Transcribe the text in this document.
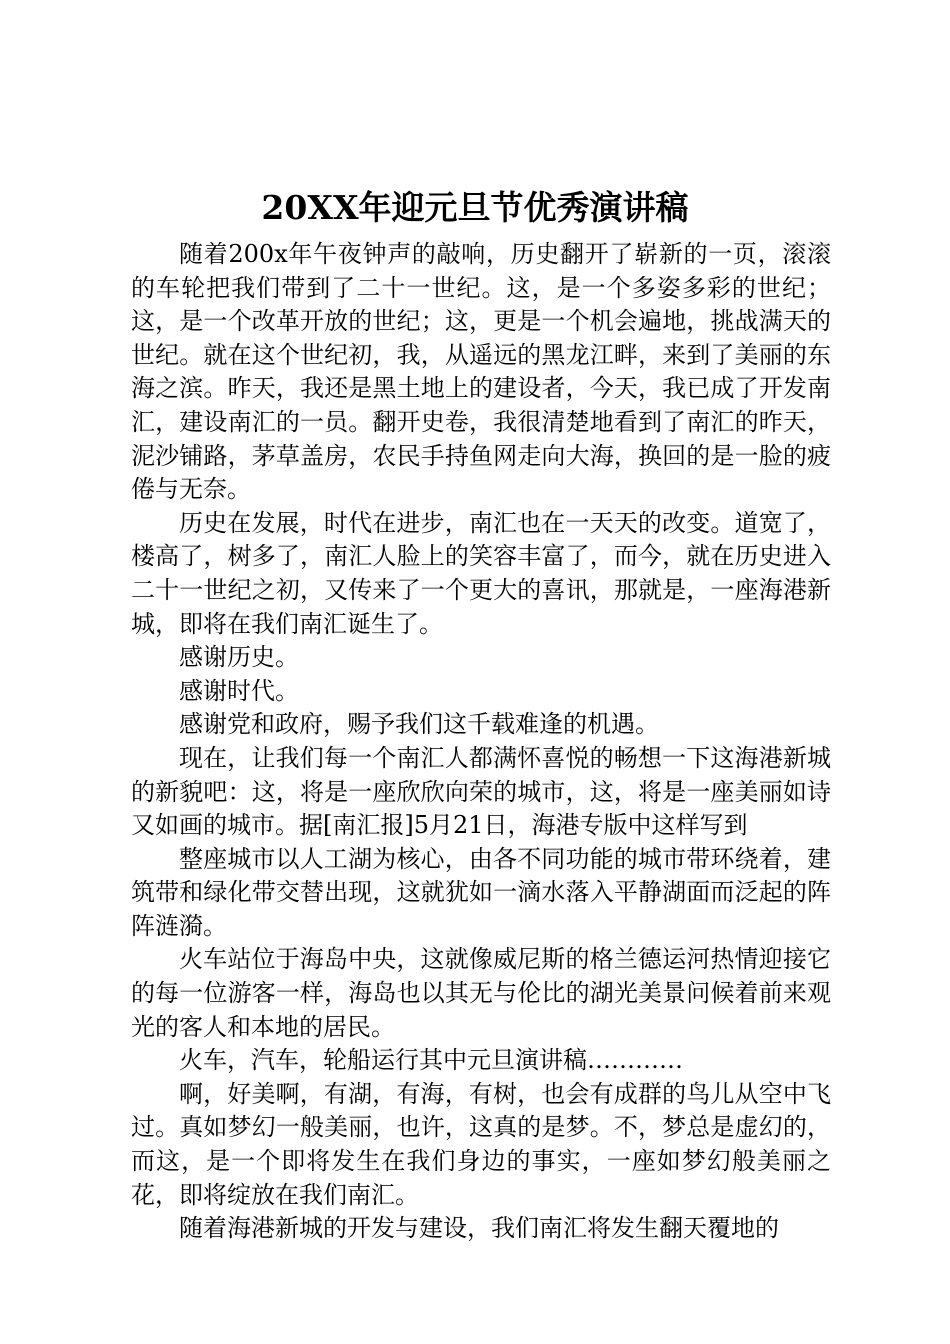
20XX年迎元旦节优秀演讲稿

随着200x年午夜钟声的敲响，历史翻开了崭新的一页，滚滚的车轮把我们带到了二十一世纪。这，是一个多姿多彩的世纪；这，是一个改革开放的世纪；这，更是一个机会遍地，挑战满天的世纪。就在这个世纪初，我，从遥远的黑龙江畔，来到了美丽的东海之滨。昨天，我还是黑土地上的建设者，今天，我已成了开发南汇，建设南汇的一员。翻开史卷，我很清楚地看到了南汇的昨天，泥沙铺路，茅草盖房，农民手持鱼网走向大海，换回的是一脸的疲倦与无奈。

历史在发展，时代在进步，南汇也在一天天的改变。道宽了，楼高了，树多了，南汇人脸上的笑容丰富了，而今，就在历史进入二十一世纪之初，又传来了一个更大的喜讯，那就是，一座海港新城，即将在我们南汇诞生了。

感谢历史。

感谢时代。

感谢党和政府，赐予我们这千载难逢的机遇。

现在，让我们每一个南汇人都满怀喜悦的畅想一下这海港新城的新貌吧：这，将是一座欣欣向荣的城市，这，将是一座美丽如诗又如画的城市。据[南汇报]5月21日，海港专版中这样写到

整座城市以人工湖为核心，由各不同功能的城市带环绕着，建筑带和绿化带交替出现，这就犹如一滴水落入平静湖面而泛起的阵阵涟漪。

火车站位于海岛中央，这就像威尼斯的格兰德运河热情迎接它的每一位游客一样，海岛也以其无与伦比的湖光美景问候着前来观光的客人和本地的居民。

火车，汽车，轮船运行其中元旦演讲稿…………

啊，好美啊，有湖，有海，有树，也会有成群的鸟儿从空中飞过。真如梦幻一般美丽，也许，这真的是梦。不，梦总是虚幻的，而这，是一个即将发生在我们身边的事实，一座如梦幻般美丽之花，即将绽放在我们南汇。

随着海港新城的开发与建设，我们南汇将发生翻天覆地的
